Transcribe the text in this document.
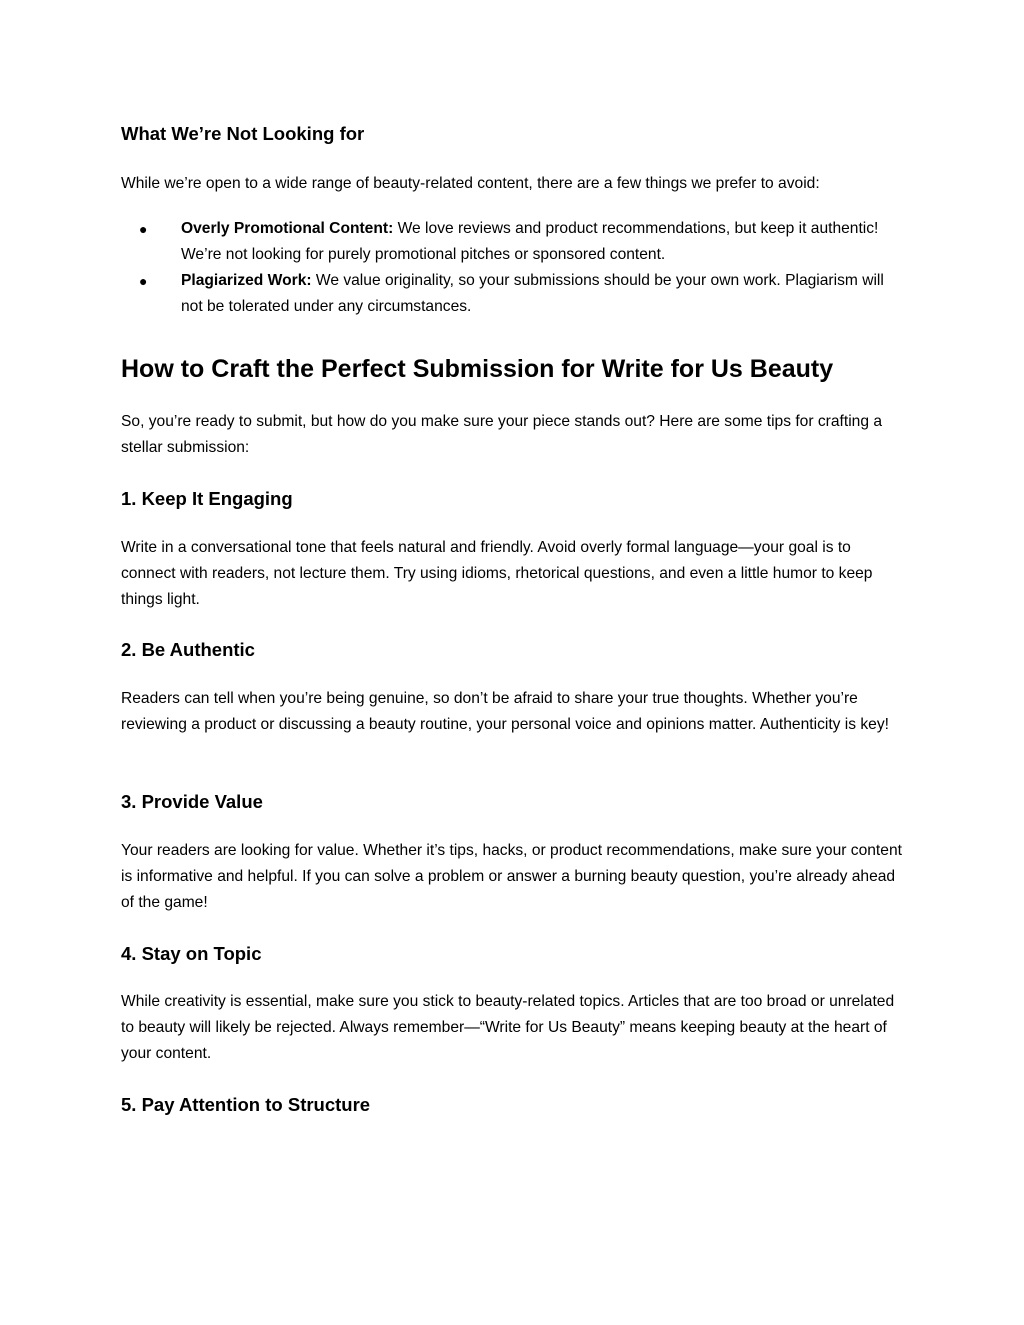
What We’re Not Looking for
While we’re open to a wide range of beauty-related content, there are a few things we prefer to avoid:
● Overly Promotional Content: We love reviews and product recommendations, but keep it authentic! We’re not looking for purely promotional pitches or sponsored content.
● Plagiarized Work: We value originality, so your submissions should be your own work. Plagiarism will not be tolerated under any circumstances.
How to Craft the Perfect Submission for Write for Us Beauty
So, you’re ready to submit, but how do you make sure your piece stands out? Here are some tips for crafting a stellar submission:
1. Keep It Engaging
Write in a conversational tone that feels natural and friendly. Avoid overly formal language—your goal is to connect with readers, not lecture them. Try using idioms, rhetorical questions, and even a little humor to keep things light.
2. Be Authentic
Readers can tell when you’re being genuine, so don’t be afraid to share your true thoughts. Whether you’re reviewing a product or discussing a beauty routine, your personal voice and opinions matter. Authenticity is key!
3. Provide Value
Your readers are looking for value. Whether it’s tips, hacks, or product recommendations, make sure your content is informative and helpful. If you can solve a problem or answer a burning beauty question, you’re already ahead of the game!
4. Stay on Topic
While creativity is essential, make sure you stick to beauty-related topics. Articles that are too broad or unrelated to beauty will likely be rejected. Always remember—“Write for Us Beauty” means keeping beauty at the heart of your content.
5. Pay Attention to Structure
